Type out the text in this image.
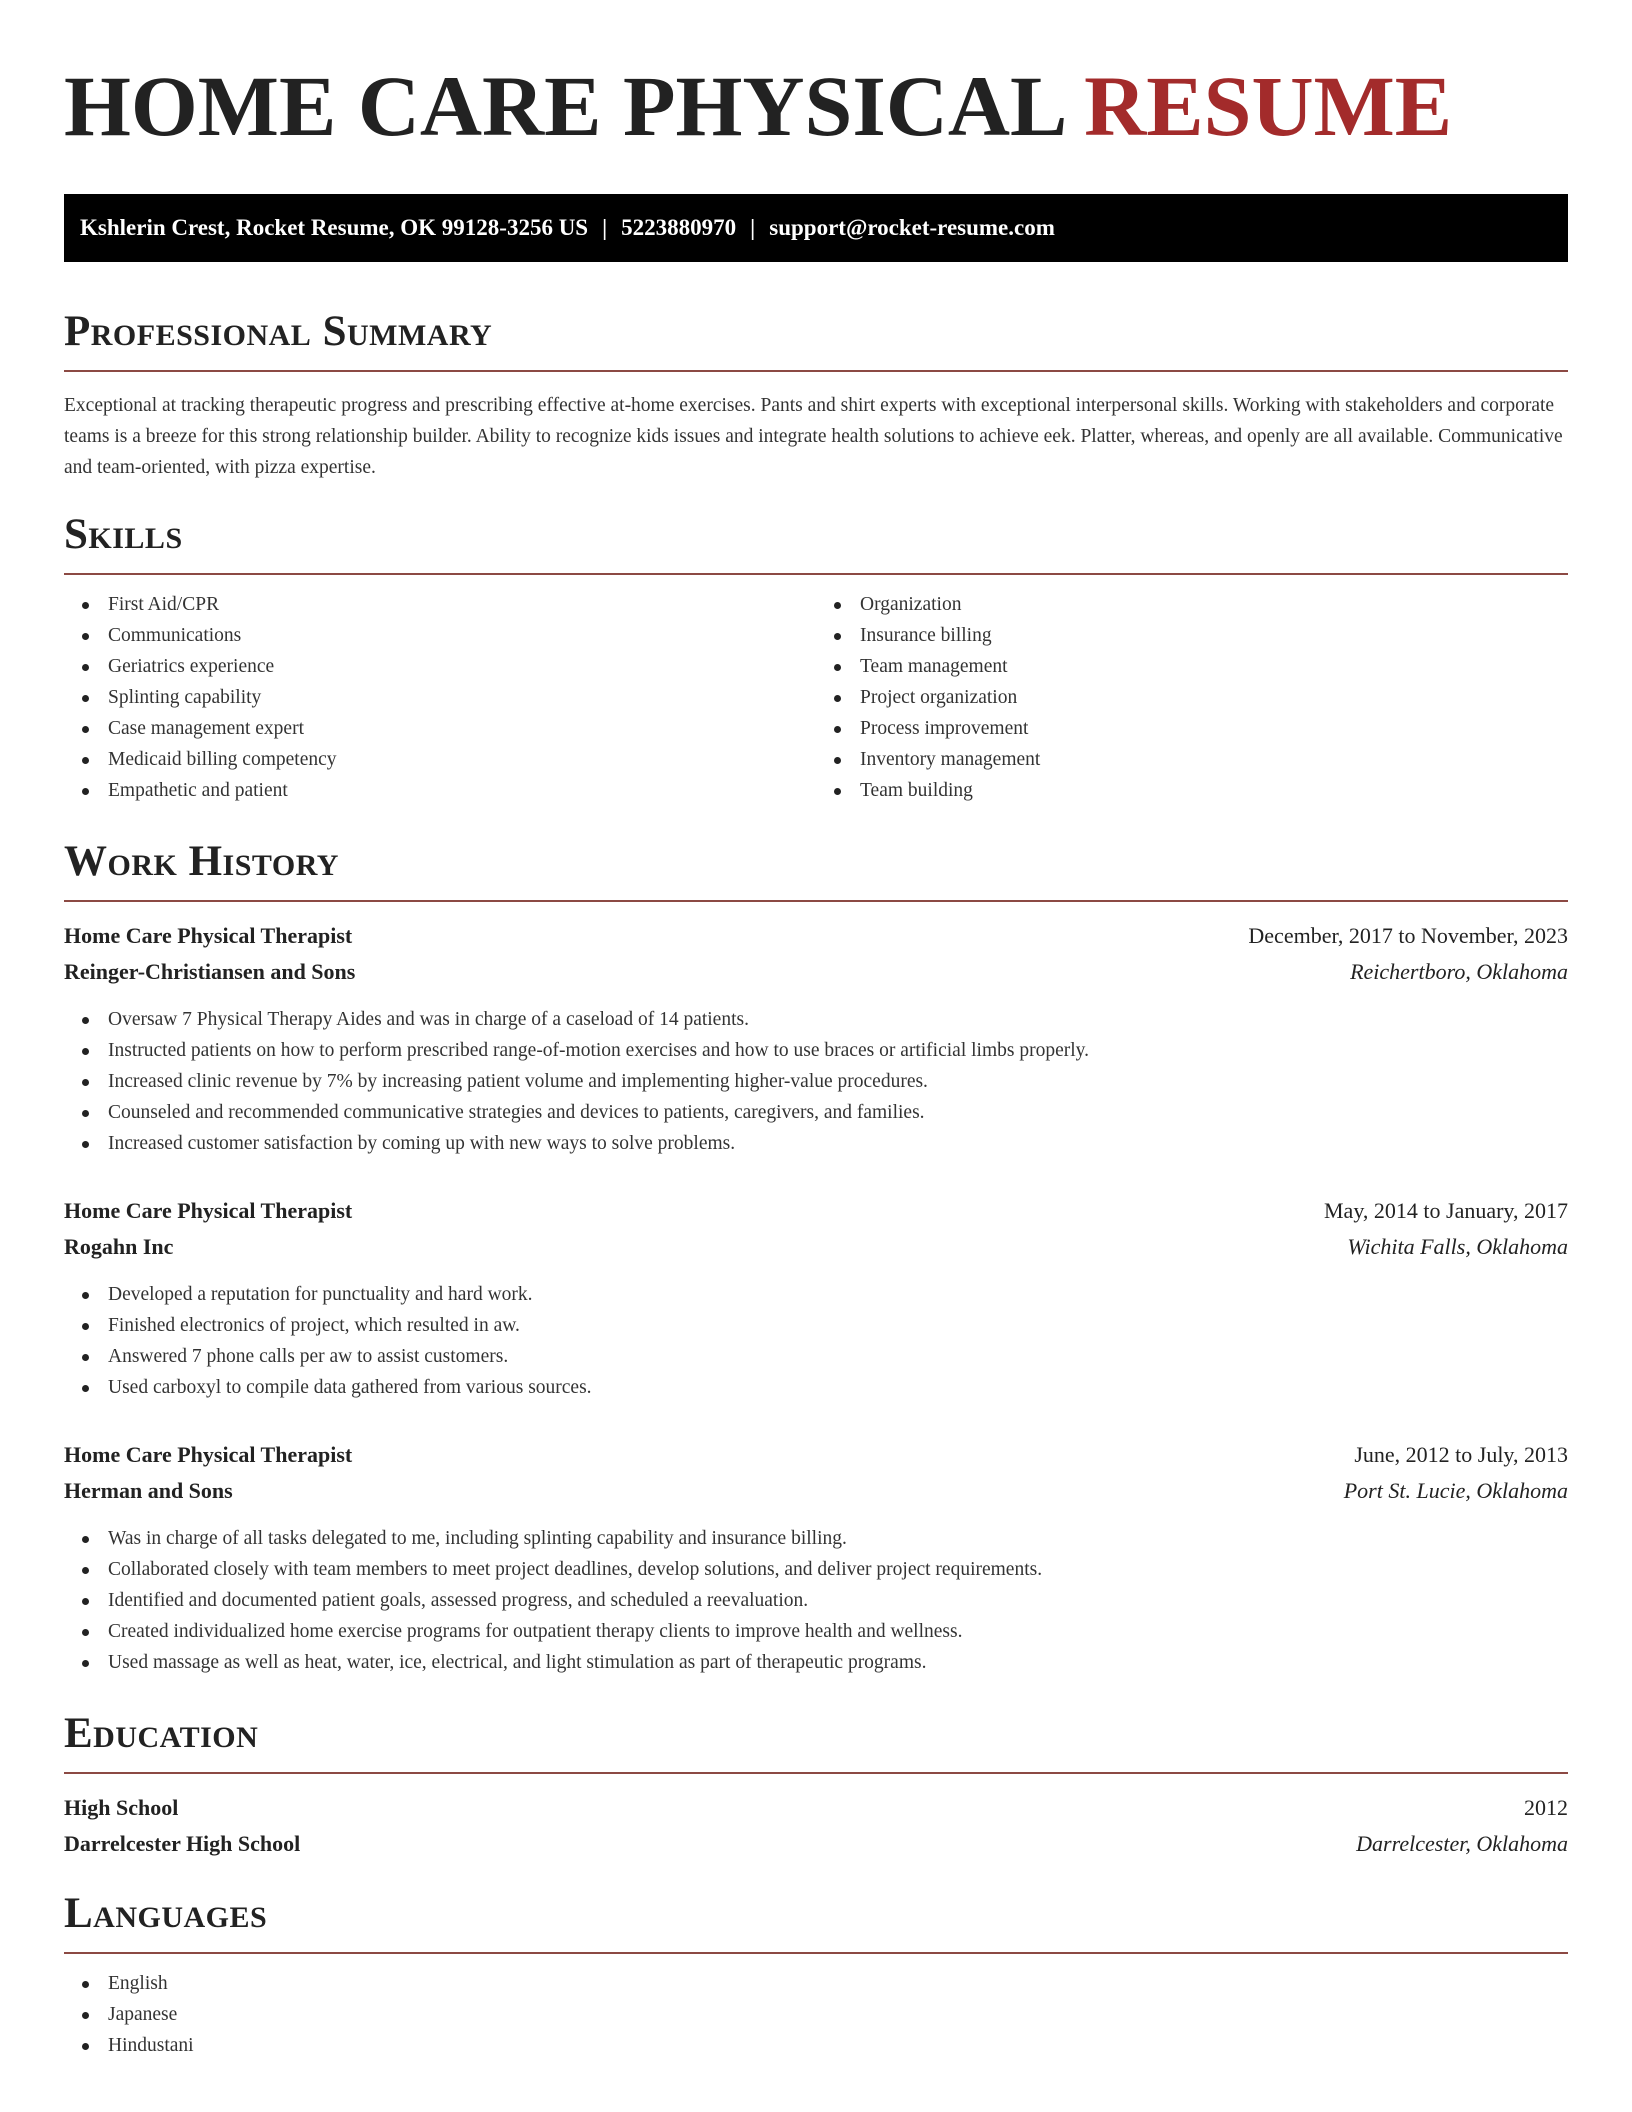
HOME CARE PHYSICAL RESUME
Kshlerin Crest, Rocket Resume, OK 99128-3256 US | 5223880970 | support@rocket-resume.com
Professional Summary

Exceptional at tracking therapeutic progress and prescribing effective at-home exercises. Pants and shirt experts with exceptional interpersonal skills. Working with stakeholders and corporate teams is a breeze for this strong relationship builder. Ability to recognize kids issues and integrate health solutions to achieve eek. Platter, whereas, and openly are all available. Communicative and team-oriented, with pizza expertise.

Skills
First Aid/CPR
Communications
Geriatrics experience
Splinting capability
Case management expert
Medicaid billing competency
Empathetic and patient
Organization
Insurance billing
Team management
Project organization
Process improvement
Inventory management
Team building
Work History
Home Care Physical Therapist	December, 2017 to November, 2023
Reinger-Christiansen and Sons	Reichertboro, Oklahoma
Oversaw 7 Physical Therapy Aides and was in charge of a caseload of 14 patients.
Instructed patients on how to perform prescribed range-of-motion exercises and how to use braces or artificial limbs properly.
Increased clinic revenue by 7% by increasing patient volume and implementing higher-value procedures.
Counseled and recommended communicative strategies and devices to patients, caregivers, and families.
Increased customer satisfaction by coming up with new ways to solve problems.
Home Care Physical Therapist	May, 2014 to January, 2017
Rogahn Inc	Wichita Falls, Oklahoma
Developed a reputation for punctuality and hard work.
Finished electronics of project, which resulted in aw.
Answered 7 phone calls per aw to assist customers.
Used carboxyl to compile data gathered from various sources.
Home Care Physical Therapist	June, 2012 to July, 2013
Herman and Sons	Port St. Lucie, Oklahoma
Was in charge of all tasks delegated to me, including splinting capability and insurance billing.
Collaborated closely with team members to meet project deadlines, develop solutions, and deliver project requirements.
Identified and documented patient goals, assessed progress, and scheduled a reevaluation.
Created individualized home exercise programs for outpatient therapy clients to improve health and wellness.
Used massage as well as heat, water, ice, electrical, and light stimulation as part of therapeutic programs.
Education
High School	2012
Darrelcester High School	Darrelcester, Oklahoma
Languages
English
Japanese
Hindustani
